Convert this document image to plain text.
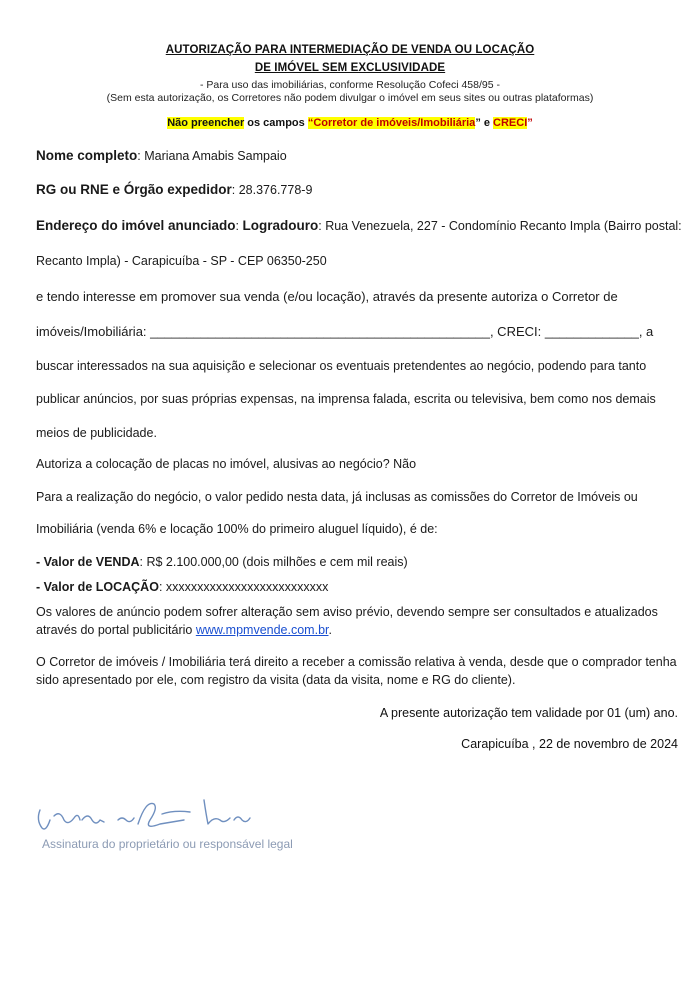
AUTORIZAÇÃO PARA INTERMEDIAÇÃO DE VENDA OU LOCAÇÃO
DE IMÓVEL SEM EXCLUSIVIDADE
- Para uso das imobiliárias, conforme Resolução Cofeci 458/95 -
(Sem esta autorização, os Corretores não podem divulgar o imóvel em seus sites ou outras plataformas)
Não preencher os campos “Corretor de imóveis/Imobiliária” e CRECI”
Nome completo: Mariana Amabis Sampaio
RG ou RNE e Órgão expedidor: 28.376.778-9
Endereço do imóvel anunciado: Logradouro: Rua Venezuela, 227 - Condomínio Recanto Impla (Bairro postal:
Recanto Impla) - Carapicuíba - SP - CEP 06350-250
e tendo interesse em promover sua venda (e/ou locação), através da presente autoriza o Corretor de
imóveis/Imobiliária: _______________________________________________, CRECI: _____________, a
buscar interessados na sua aquisição e selecionar os eventuais pretendentes ao negócio, podendo para tanto
publicar anúncios, por suas próprias expensas, na imprensa falada, escrita ou televisiva, bem como nos demais
meios de publicidade.
Autoriza a colocação de placas no imóvel, alusivas ao negócio? Não
Para a realização do negócio, o valor pedido nesta data, já inclusas as comissões do Corretor de Imóveis ou
Imobiliária (venda 6% e locação 100% do primeiro aluguel líquido), é de:
- Valor de VENDA: R$ 2.100.000,00 (dois milhões e cem mil reais)
- Valor de LOCAÇÃO: xxxxxxxxxxxxxxxxxxxxxxxxxx
Os valores de anúncio podem sofrer alteração sem aviso prévio, devendo sempre ser consultados e atualizados
através do portal publicitário www.mpmvende.com.br.
O Corretor de imóveis / Imobiliária terá direito a receber a comissão relativa à venda, desde que o comprador tenha
sido apresentado por ele, com registro da visita (data da visita, nome e RG do cliente).
A presente autorização tem validade por 01 (um) ano.
Carapicuíba , 22 de novembro de 2024
Assinatura do proprietário ou responsável legal
